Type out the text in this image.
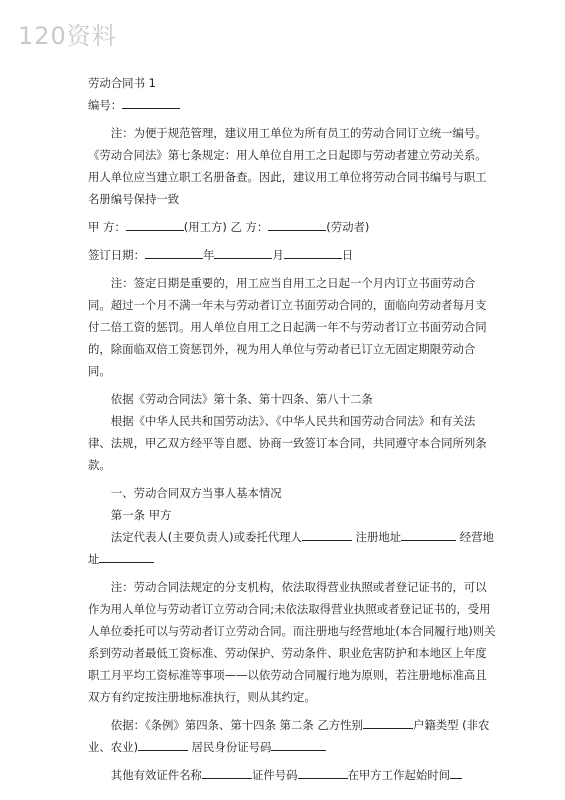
120资料

劳动合同书 1

编号：

注：为便于规范管理，建议用工单位为所有员工的劳动合同订立统一编号。《劳动合同法》第七条规定：用人单位自用工之日起即与劳动者建立劳动关系。用人单位应当建立职工名册备查。因此，建议用工单位将劳动合同书编号与职工名册编号保持一致

甲 方：	(用工方) 乙 方：	(劳动者)

签订日期：	年	月	日

注：签定日期是重要的，用工应当自用工之日起一个月内订立书面劳动合同。超过一个月不满一年未与劳动者订立书面劳动合同的，面临向劳动者每月支付二倍工资的惩罚。用人单位自用工之日起满一年不与劳动者订立书面劳动合同的，除面临双倍工资惩罚外，视为用人单位与劳动者已订立无固定期限劳动合同。

依据《劳动合同法》第十条、第十四条、第八十二条

根据《中华人民共和国劳动法》、《中华人民共和国劳动合同法》和有关法律、法规，甲乙双方经平等自愿、协商一致签订本合同，共同遵守本合同所列条款。

一、劳动合同双方当事人基本情况

第一条 甲方

法定代表人(主要负责人)或委托代理人	注册地址	经营地址

注：劳动合同法规定的分支机构，依法取得营业执照或者登记证书的，可以作为用人单位与劳动者订立劳动合同;未依法取得营业执照或者登记证书的，受用人单位委托可以与劳动者订立劳动合同。而注册地与经营地址(本合同履行地)则关系到劳动者最低工资标准、劳动保护、劳动条件、职业危害防护和本地区上年度职工月平均工资标准等事项——以依劳动合同履行地为原则，若注册地标准高且双方有约定按注册地标准执行，则从其约定。

依据：《条例》第四条、第十四条 第二条 乙方性别	户籍类型 (非农业、农业)	居民身份证号码

其他有效证件名称	证件号码	在甲方工作起始时间
